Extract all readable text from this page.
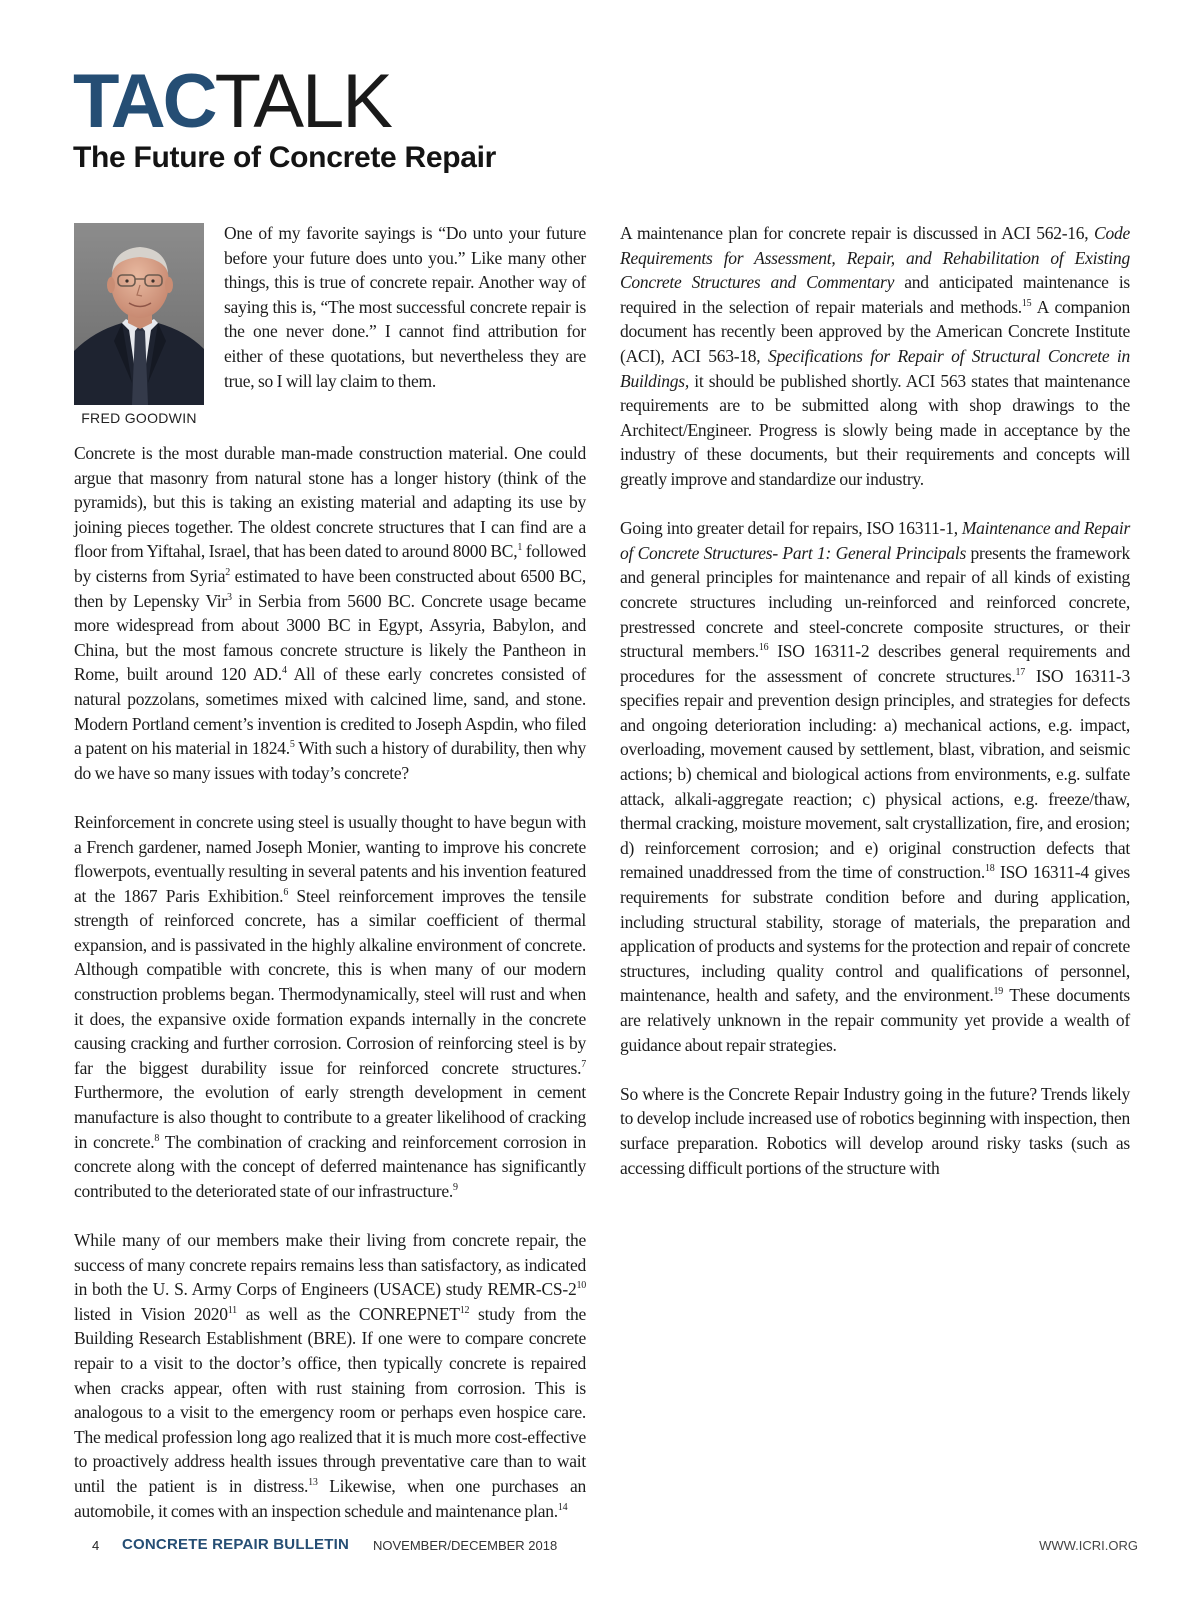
TACTALK
The Future of Concrete Repair
FRED GOODWIN

One of my favorite sayings is “Do unto your future before your future does unto you.” Like many other things, this is true of concrete repair. Another way of saying this is, “The most successful concrete repair is the one never done.” I cannot find attribution for either of these quotations, but nevertheless they are true, so I will lay claim to them.

Concrete is the most durable man-made construction material. One could argue that masonry from natural stone has a longer history (think of the pyramids), but this is taking an existing material and adapting its use by joining pieces together. The oldest concrete structures that I can find are a floor from Yiftahal, Israel, that has been dated to around 8000 BC,$^1$ followed by cisterns from Syria$^2$ estimated to have been constructed about 6500 BC, then by Lepensky Vir$^3$ in Serbia from 5600 BC. Concrete usage became more widespread from about 3000 BC in Egypt, Assyria, Babylon, and China, but the most famous concrete structure is likely the Pantheon in Rome, built around 120 AD.$^4$ All of these early concretes consisted of natural pozzolans, sometimes mixed with calcined lime, sand, and stone. Modern Portland cement’s invention is credited to Joseph Aspdin, who filed a patent on his material in 1824.$^5$ With such a history of durability, then why do we have so many issues with today’s concrete?

Reinforcement in concrete using steel is usually thought to have begun with a French gardener, named Joseph Monier, wanting to improve his concrete flowerpots, eventually resulting in several patents and his invention featured at the 1867 Paris Exhibition.$^6$ Steel reinforcement improves the tensile strength of reinforced concrete, has a similar coefficient of thermal expansion, and is passivated in the highly alkaline environment of concrete. Although compatible with concrete, this is when many of our modern construction problems began. Thermodynamically, steel will rust and when it does, the expansive oxide formation expands internally in the concrete causing cracking and further corrosion. Corrosion of reinforcing steel is by far the biggest durability issue for reinforced concrete structures.$^7$ Furthermore, the evolution of early strength development in cement manufacture is also thought to contribute to a greater likelihood of cracking in concrete.$^8$ The combination of cracking and reinforcement corrosion in concrete along with the concept of deferred maintenance has significantly contributed to the deteriorated state of our infrastructure.$^9$

While many of our members make their living from concrete repair, the success of many concrete repairs remains less than satisfactory, as indicated in both the U. S. Army Corps of Engineers (USACE) study REMR-$CS-2^{10}$ listed in Vision 2020$^{11}$ as well as the CONREPNET$^{12}$ study from the Building Research Establishment (BRE). If one were to compare concrete repair to a visit to the doctor’s office, then typically concrete is repaired when cracks appear, often with rust staining from corrosion. This is analogous to a visit to the emergency room or perhaps even hospice care. The medical profession long ago realized that it is much more cost-effective to proactively address health issues through preventative care than to wait until the patient is in distress.$^{13}$ Likewise, when one purchases an automobile, it comes with an inspection schedule and maintenance plan.$^{14}$

A maintenance plan for concrete repair is discussed in ACI 562-16, Code Requirements for Assessment, Repair, and Rehabilitation of Existing Concrete Structures and Commentary and anticipated maintenance is required in the selection of repair materials and methods.$^{15}$ A companion document has recently been approved by the American Concrete Institute (ACI), ACI 563-18, Specifications for Repair of Structural Concrete in Buildings, it should be published shortly. ACI 563 states that maintenance requirements are to be submitted along with shop drawings to the Architect/Engineer. Progress is slowly being made in acceptance by the industry of these documents, but their requirements and concepts will greatly improve and standardize our industry.

Going into greater detail for repairs, ISO 16311-1, Maintenance and Repair of Concrete Structures- Part 1: General Principals presents the framework and general principles for maintenance and repair of all kinds of existing concrete structures including un-reinforced and reinforced concrete, prestressed concrete and steel-concrete composite structures, or their structural members.$^{16}$ ISO 16311-2 describes general requirements and procedures for the assessment of concrete structures.$^{17}$ ISO 16311-3 specifies repair and prevention design principles, and strategies for defects and ongoing deterioration including: a) mechanical actions, e.g. impact, overloading, movement caused by settlement, blast, vibration, and seismic actions; b) chemical and biological actions from environments, e.g. sulfate attack, alkali-aggregate reaction; c) physical actions, e.g. freeze/thaw, thermal cracking, moisture movement, salt crystallization, fire, and erosion; d) reinforcement corrosion; and e) original construction defects that remained unaddressed from the time of construction.$^{18}$ ISO 16311-4 gives requirements for substrate condition before and during application, including structural stability, storage of materials, the preparation and application of products and systems for the protection and repair of concrete structures, including quality control and qualifications of personnel, maintenance, health and safety, and the environment.$^{19}$ These documents are relatively unknown in the repair community yet provide a wealth of guidance about repair strategies.

So where is the Concrete Repair Industry going in the future? Trends likely to develop include increased use of robotics beginning with inspection, then surface preparation. Robotics will develop around risky tasks (such as accessing difficult portions of the structure with

4 CONCRETE REPAIR BULLETIN NOVEMBER/DECEMBER 2018	WWW.ICRI.ORG
